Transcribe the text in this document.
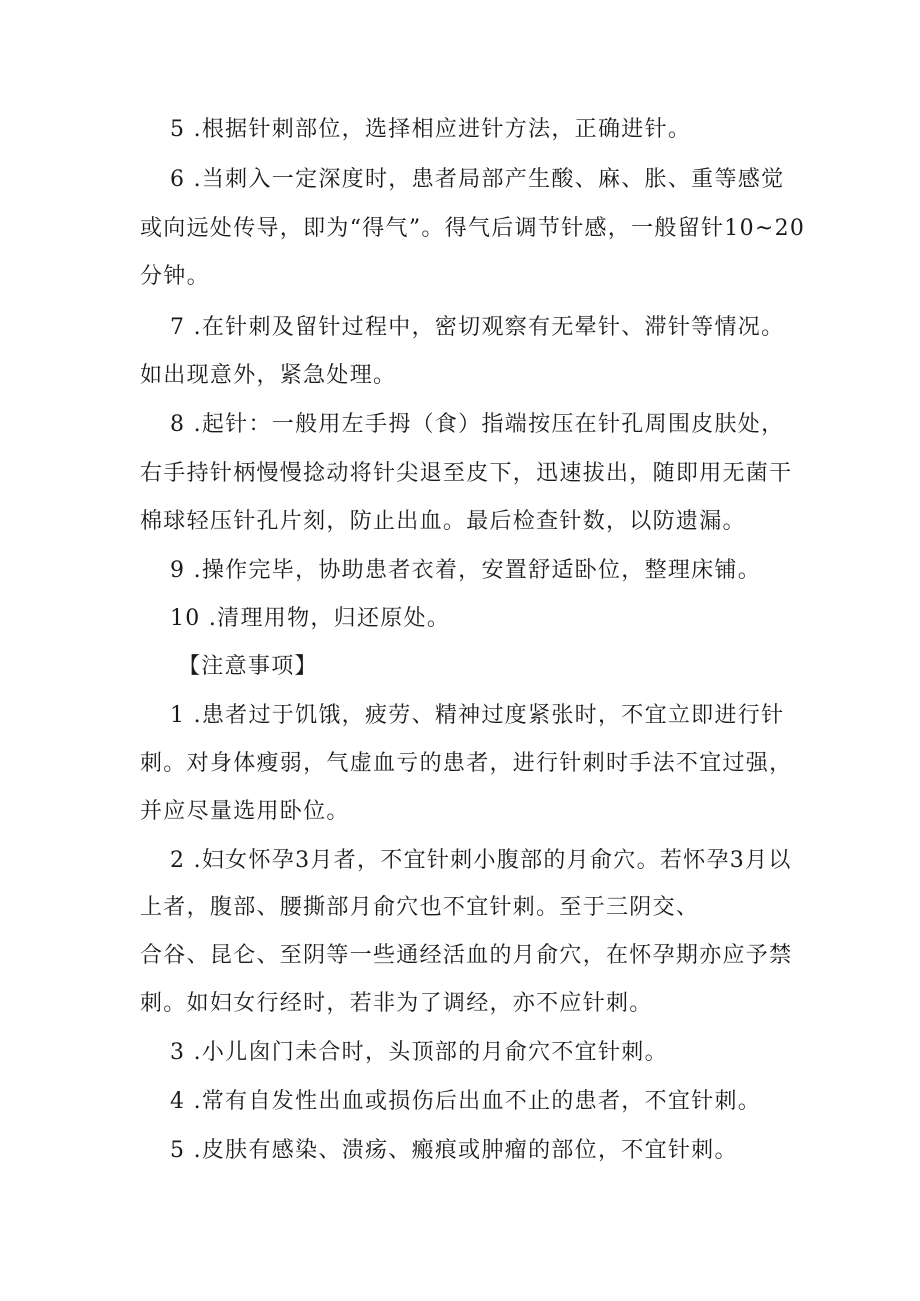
5 .根据针刺部位，选择相应进针方法，正确进针。
6 .当刺入一定深度时，患者局部产生酸、麻、胀、重等感觉
或向远处传导，即为“得气”。得气后调节针感，一般留针10~20
分钟。
7 .在针刺及留针过程中，密切观察有无晕针、滞针等情况。
如出现意外，紧急处理。
8 .起针：一般用左手拇（食）指端按压在针孔周围皮肤处，
右手持针柄慢慢捻动将针尖退至皮下，迅速拔出，随即用无菌干
棉球轻压针孔片刻，防止出血。最后检查针数，以防遗漏。
9 .操作完毕，协助患者衣着，安置舒适卧位，整理床铺。
10 .清理用物，归还原处。
【注意事项】
1 .患者过于饥饿，疲劳、精神过度紧张时，不宜立即进行针
刺。对身体瘦弱，气虚血亏的患者，进行针刺时手法不宜过强，
并应尽量选用卧位。
2 .妇女怀孕3月者，不宜针刺小腹部的月俞穴。若怀孕3月以
上者，腹部、腰撕部月俞穴也不宜针刺。至于三阴交、
合谷、昆仑、至阴等一些通经活血的月俞穴，在怀孕期亦应予禁
刺。如妇女行经时，若非为了调经，亦不应针刺。
3 .小儿囱门未合时，头顶部的月俞穴不宜针刺。
4 .常有自发性出血或损伤后出血不止的患者，不宜针刺。
5 .皮肤有感染、溃疡、瘢痕或肿瘤的部位，不宜针刺。
